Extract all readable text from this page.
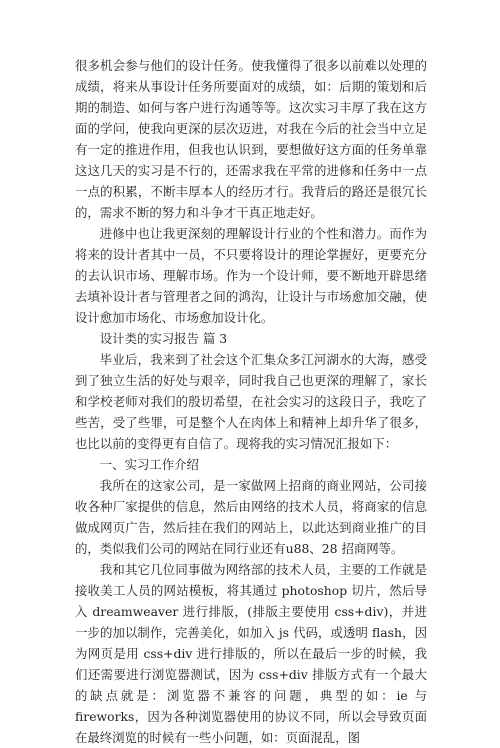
很多机会参与他们的设计任务。使我懂得了很多以前难以处理的成绩，将来从事设计任务所要面对的成绩，如：后期的策划和后期的制造、如何与客户进行沟通等等。这次实习丰厚了我在这方面的学问，使我向更深的层次迈进，对我在今后的社会当中立足有一定的推进作用，但我也认识到，要想做好这方面的任务单靠这这几天的实习是不行的，还需求我在平常的进修和任务中一点一点的积累，不断丰厚本人的经历才行。我背后的路还是很冗长的，需求不断的努力和斗争才干真正地走好。

进修中也让我更深刻的理解设计行业的个性和潜力。而作为将来的设计者其中一员，不只要将设计的理论掌握好，更要充分的去认识市场、理解市场。作为一个设计师，要不断地开辟思绪去填补设计者与管理者之间的鸿沟，让设计与市场愈加交融，使设计愈加市场化、市场愈加设计化。

设计类的实习报告 篇 3

毕业后，我来到了社会这个汇集众多江河湖水的大海，感受到了独立生活的好处与艰辛，同时我自己也更深的理解了，家长和学校老师对我们的殷切希望，在社会实习的这段日子，我吃了些苦，受了些罪，可是整个人在肉体上和精神上却升华了很多，也比以前的变得更有自信了。现将我的实习情况汇报如下：

一、实习工作介绍

我所在的这家公司，是一家做网上招商的商业网站，公司接收各种厂家提供的信息，然后由网络的技术人员，将商家的信息做成网页广告，然后挂在我们的网站上，以此达到商业推广的目的，类似我们公司的网站在同行业还有u88、28 招商网等。

我和其它几位同事做为网络部的技术人员，主要的工作就是接收美工人员的网站模板，将其通过 photoshop 切片，然后导入 dreamweaver 进行排版，(排版主要使用 css+div)，并进一步的加以制作，完善美化，如加入 js 代码，或透明 flash，因为网页是用 css+div 进行排版的，所以在最后一步的时候，我们还需要进行浏览器测试，因为 css+div 排版方式有一个最大的缺点就是：浏览器不兼容的问题，典型的如：ie 与 fireworks，因为各种浏览器使用的协议不同，所以会导致页面在最终浏览的时候有一些小问题，如：页面混乱，图
